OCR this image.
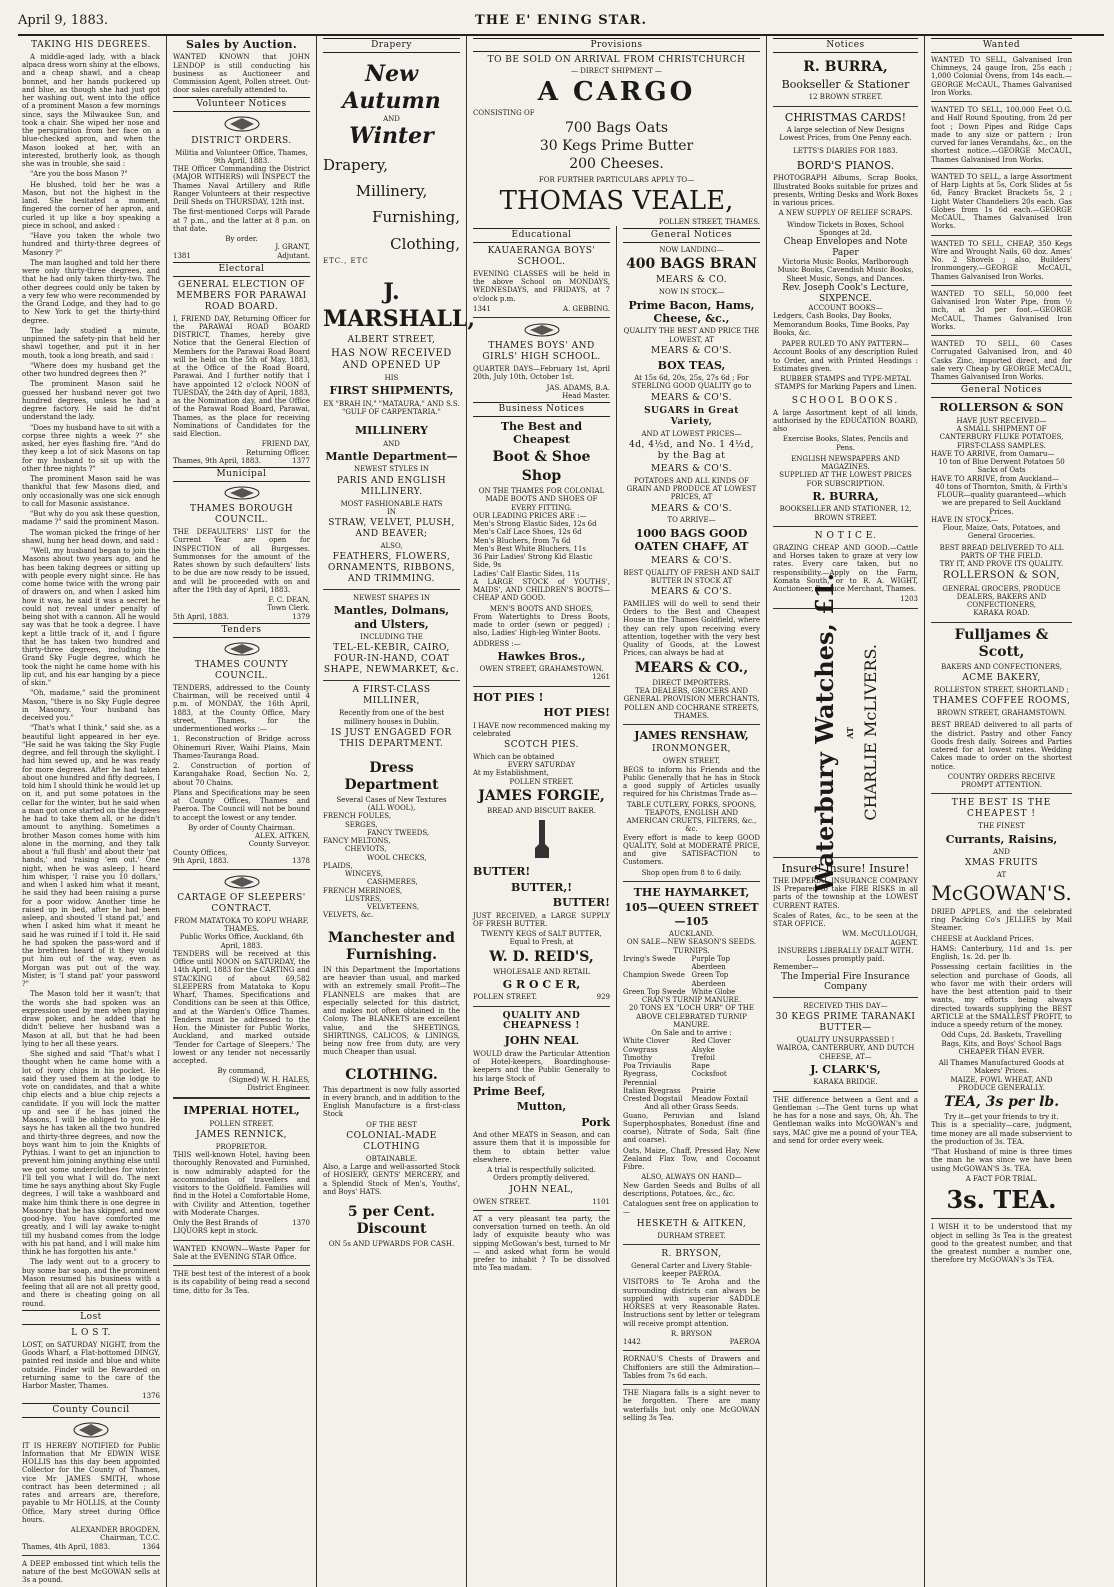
April 9, 1883.	THE E' ENING STAR.
TAKING HIS DEGREES.

A middle-aged lady, with a black alpaca dress worn shiny at the elbows, and a cheap shawl, and a cheap bonnet, and her hands puckered up and blue, as though she had just got her washing out, went into the office of a prominent Mason a few mornings since, says the Milwaukee Sun, and took a chair. She wiped her nose and the perspiration from her face on a blue-checked apron, and when the Mason looked at her, with an interested, brotherly look, as though she was in trouble, she said :

"Are you the boss Mason ?"

He blushed, told her he was a Mason, but not the highest in the land. She hesitated a moment, fingered the corner of her apron, and curled it up like a boy speaking a piece in school, and asked :

"Have you taken the whole two hundred and thirty-three degrees of Masonry ?"

The man laughed and told her there were only thirty-three degrees, and that he had only taken thirty-two. The other degrees could only be taken by a very few who were recommended by the Grand Lodge, and they had to go to New York to get the thirty-third degree.

The lady studied a minute, unpinned the safety-pin that held her shawl together, and put it in her mouth, took a long breath, and said :

"Where does my husband get the other two hundred degrees then ?"

The prominent Mason said he guessed her husband never got two hundred degrees, unless he had a degree factory. He said he did'nt understand the lady.

"Does my husband have to sit with a corpse three nights a week ?" she asked, her eyes flashing fire. "And do they keep a lot of sick Masons on tap for my husband to sit up with the other three nights ?"

The prominent Mason said he was thankful that few Masons died, and only occasionally was one sick enough to call for Masonic assistance.

"But why do you ask these question, madame ?" said the prominent Mason.

The woman picked the fringe of her shawl, hung her head down, and said :

"Well, my husband began to join the Masons about two years ago, and he has been taking degrees or sitting up with people every night since. He has come home twice with the wrong pair of drawers on, and when I asked him how it was, he said it was a secret he could not reveal under penalty of being shot with a cannon. All he would say was that he took a degree. I have kept a little track of it, and I figure that he has taken two hundred and thirty-three degrees, including the Grand Sky Fugle degree, which he took the night he came home with his lip cut, and his ear hanging by a piece of skin."

"Oh, madame," said the prominent Mason, "there is no Sky Fugle degree in Masonry. Your husband has deceived you."

"That's what I think," said she, as a beautiful light appeared in her eye. "He said he was taking the Sky Fugle degree, and fell through the skylight. I had him sewed up, and he was ready for more degrees. After he had taken about one hundred and fifty degrees, I told him I should think he would let up on it, and put some potatoes in the cellar for the winter, but he said when a man got once started on the degrees he had to take them all, or he didn't amount to anything. Sometimes a brother Mason comes home with him alone in the morning, and they talk about a 'full flush' and about their 'pat hands,' and 'raising 'em out.' One night, when he was asleep, I heard him whisper, 'I raise you 10 dollars,' and when I asked him what it meant, he said they had been raising a purse for a poor widow. Another time he raised up in bed, after he had been asleep, and shouted 'I stand pat,' and when I asked him what it meant he said he was ruined if I told it. He said he had spoken the pass-word and if the brethren heard of it they would put him out of the way, even as Morgan was put out of the way. Mister, is 'I stand pat' your password ?"

The Mason told her it wasn't; that the words she had spoken was an expression used by men when playing draw poker, and he added that he didn't believe her husband was a Mason at all, but that he had been lying to her all these years.

She sighed and said "That's what I thought when he came home with a lot of ivory chips in his pocket. He said they used them at the lodge to vote on candidates, and that a white chip elects and a blue chip rejects a candidate. If you will lock the matter up and see if he has joined the Masons, I will be obliged to you. He says he has taken all the two hundred and thirty-three degrees, and now the boys want him to join the Knights of Pythias. I want to get an injunction to prevent him joining anything else until we got some underclothes for winter. I'll tell you what I will do. The next time he says anything about Sky Fugle degrees, I will take a washboard and make him think there is one degree in Masonry that he has skipped, and now good-bye. You have comforted me greatly, and I will lay awake to-night till my husband comes from the lodge with his pat hand, and I will make him think he has forgotten his ante."

The lady went out to a grocery to buy some bar soap, and the prominent Mason resumed his business with a feeling that all are not all pretty good, and there is cheating going on all round.

Lost
L O S T.

LOST, on SATURDAY NIGHT, from the Goods Wharf, a Flat-bottomed DINGY, painted red inside and blue and white outside. Finder will be Rewarded on returning same to the care of the Harbor Master, Thames.

1376
County Council

IT IS HEREBY NOTIFIED for Public Information that Mr EDWIN WISE HOLLIS has this day been appointed Collector for the County of Thames, vice Mr JAMES SMITH, whose contract has been determined ; all rates and arrears are, therefore, payable to Mr HOLLIS, at the County Office, Mary street during Office hours.

ALEXANDER BROGDEN,
Chairman, T.C.C.
Thames, 4th April, 1883.	1364

A DEEP embossed tint which tells the nature of the best McGOWAN sells at 3s a pound.

Sales by Auction.

WANTED KNOWN that JOHN LENDOP is still conducting his business as Auctioneer and Commission Agent, Pollen street. Out-door sales carefully attended to.

Volunteer Notices
DISTRICT ORDERS.
Militia and Volunteer Office, Thames, 9th April, 1883.

THE Officer Commanding the District (MAJOR WITHERS) will INSPECT the Thames Naval Artillery and Rifle Ranger Volunteers at their respective Drill Sheds on THURSDAY, 12th inst.

The first-mentioned Corps will Parade at 7 p.m., and the latter at 8 p.m. on that date.

By order.
J. GRANT,
1381	Adjutant.
Electoral
GENERAL ELECTION OF MEMBERS FOR PARAWAI ROAD BOARD.

I, FRIEND DAY, Returning Officer for the PARAWAI ROAD BOARD DISTRICT, Thames, hereby give Notice that the General Election of Members for the Parawai Road Board will be held on the 5th of May, 1883, at the Office of the Road Board, Parawai. And I further notify that I have appointed 12 o'clock NOON of TUESDAY, the 24th day of April, 1883, as the Nomination day, and the Office of the Parawai Road Board, Parawai, Thames, as the place for receiving Nominations of Candidates for the said Election.

FRIEND DAY,
Returning Officer.
Thames, 9th April, 1883.	1377
Municipal
THAMES BOROUGH COUNCIL.

THE DEFAULTERS' LIST for the Current Year are open for INSPECTION of all Burgesses. Summonses for the amount of the Rates shown by such defaulters' lists to be due are now ready to be issued, and will be proceeded with on and after the 19th day of April, 1883.

F. C. DEAN,
Town Clerk.
5th April, 1883.	1379
Tenders
THAMES COUNTY COUNCIL.

TENDERS, addressed to the County Chairman, will be received until 4 p.m. of MONDAY, the 16th April, 1883, at the County Office, Mary street, Thames, for the undermentioned works :—

1. Reconstruction of Bridge across Ohinemuri River, Waihi Plains, Main Thames-Tauranga Road.

2. Construction of portion of Karangahake Road, Section No. 2, about 70 Chains.

Plans and Specifications may be seen at County Offices, Thames and Paeroa. The Council will not be bound to accept the lowest or any tender.

By order of County Chairman.
ALEX. AITKEN,
County Surveyor.
County Offices,
9th April, 1883.	1378
CARTAGE OF SLEEPERS' CONTRACT.
FROM MATATOKA TO KOPU WHARF, THAMES.
Public Works Office, Auckland, 6th April, 1883.

TENDERS will be received at this Office until NOON on SATURDAY, the 14th April, 1883 for the CARTING and STACKING of about 69,582 SLEEPERS from Matatoka to Kopu Wharf, Thames. Specifications and Conditions can be seen at this Office, and at the Warden's Office Thames. Tenders must be addressed to the Hon. the Minister for Public Works, Auckland, and marked outside 'Tender for Cartage of Sleepers.' The lowest or any tender not necessarily accepted.

By command,
(Signed) W. H. HALES,
District Engineer.
IMPERIAL HOTEL,
POLLEN STREET.
JAMES RENNICK,
PROPRIETOR.

THIS well-known Hotel, having been thoroughly Renovated and Furnished, is now admirably adapted for the accommodation of travellers and visitors to the Goldfield. Families will find in the Hotel a Comfortable Home, with Civility and Attention, together with Moderate Charges.

Only the Best Brands of LIQUORS kept in stock.
1370

WANTED KNOWN—Waste Paper for Sale at the EVENING STAR Office.

THE best test of the interest of a book is its capability of being read a second time, ditto for 3s Tea.

Drapery
New Autumn
AND
Winter
Drapery,
Millinery,
Furnishing,
Clothing,
ETC., ETC
J. MARSHALL,
ALBERT STREET,
HAS NOW RECEIVED AND OPENED UP
HIS
FIRST SHIPMENTS,
EX "BRAH IN," "MATAURA," AND S.S. "GULF OF CARPENTARIA."
MILLINERY
AND
Mantle Department—
NEWEST STYLES IN
PARIS AND ENGLISH MILLINERY.
MOST FASHIONABLE HATS
IN
STRAW, VELVET, PLUSH, AND BEAVER;
ALSO,
FEATHERS, FLOWERS, ORNAMENTS, RIBBONS, AND TRIMMING.
NEWEST SHAPES IN
Mantles, Dolmans, and Ulsters,
INCLUDING THE
TEL-EL-KEBIR, CAIRO, FOUR-IN-HAND, COAT SHAPE, NEWMARKET, &c.
A FIRST-CLASS MILLINER,
Recently from one of the best millinery houses in Dublin,
IS JUST ENGAGED FOR THIS DEPARTMENT.
Dress Department
Several Cases of New Textures
(ALL WOOL),
FRENCH FOULES,
SERGES,
FANCY TWEEDS,
FANCY MELTONS,
CHEVIOTS,
WOOL CHECKS,
PLAIDS,
WINCEYS,
CASHMERES,
FRENCH MERINOES,
LUSTRES,
VELVETEENS,
VELVETS, &c.
Manchester and Furnishing.

IN this Department the Importations are heavier than usual, and marked with an extremely small Profit—The FLANNELS are makes that are especially selected for this district, and makes not often obtained in the Colony. The BLANKETS are excellent value, and the SHEETINGS, SHIRTINGS, CALICOS, & LININGS, being now free from duty, are very much Cheaper than usual.

CLOTHING.

This department is now fully assorted in every branch, and in addition to the English Manufacture is a first-class Stock

OF THE BEST
COLONIAL-MADE CLOTHING
OBTAINABLE.

Also, a Large and well-assorted Stock of HOSIERY, GENTS' MERCERY, and a Splendid Stock of Men's, Youths', and Boys' HATS.

5 per Cent. Discount
ON 5s AND UPWARDS FOR CASH.
Provisions
TO BE SOLD ON ARRIVAL FROM CHRISTCHURCH
— DIRECT SHIPMENT —
A CARGO
CONSISTING OF
700 Bags Oats
30 Kegs Prime Butter
200 Cheeses.
FOR FURTHER PARTICULARS APPLY TO—
THOMAS VEALE,
POLLEN STREET, THAMES.
Educational
KAUAERANGA BOYS' SCHOOL.

EVENING CLASSES will be held in the above School on MONDAYS, WEDNESDAYS, and FRIDAYS, at 7 o'clock p.m.

1341	A. GEBBING.
THAMES BOYS' AND GIRLS' HIGH SCHOOL.

QUARTER DAYS—February 1st, April 20th, July 10th, October 1st.

JAS. ADAMS, B.A.
Head Master.
Business Notices
The Best and Cheapest
Boot & Shoe
Shop
ON THE THAMES FOR COLONIAL MADE BOOTS AND SHOES OF EVERY FITTING.
OUR LEADING PRICES ARE :—
Men's Strong Elastic Sides, 12s 6d
Men's Calf Lace Shoes, 12s 6d
Men's Bluchers, from 7s 6d
Men's Best White Bluchers, 11s
36 Pair Ladies' Strong Kid Elastic Side, 9s
Ladies' Calf Elastic Sides, 11s

A LARGE STOCK of YOUTHS', MAIDS', AND CHILDREN'S BOOTS—CHEAP AND GOOD.

MEN'S BOOTS AND SHOES,

From Watertights to Dress Boots, made to order (sewn or pegged) ; also, Ladies' High-leg Winter Boots.

ADDRESS :—
Hawkes Bros.,
OWEN STREET, GRAHAMSTOWN.
1261
HOT PIES !
HOT PIES!

I HAVE now recommenced making my celebrated

SCOTCH PIES.
Which can be obtained
EVERY SATURDAY
At my Establishment,
POLLEN STREET.
JAMES FORGIE,
BREAD AND BISCUIT BAKER.
BUTTER!
BUTTER,!
BUTTER!

JUST RECEIVED, a LARGE SUPPLY OF FRESH BUTTER.

TWENTY KEGS of SALT BUTTER, Equal to Fresh, at
W. D. REID'S,
WHOLESALE AND RETAIL
G R O C E R,
POLLEN STREET.	929
QUALITY AND CHEAPNESS !
JOHN NEAL

WOULD draw the Particular Attention of Hotel-keepers, Boardinghouse-keepers and the Public Generally to his large Stock of

Prime Beef,
Mutton,
Pork

And other MEATS in Season, and can assure them that it is impossible for them to obtain better value elsewhere.

A trial is respectfully solicited.
Orders promptly delivered.
JOHN NEAL,
OWEN STREET.	1101

AT a very pleasant tea party, the conversation turned on teeth. An old lady of exquisite beauty who was sipping McGowan's best, turned to Mr — and asked what form he would prefer to inhabit ? To be dissolved into Tea madam.

General Notices
NOW LANDING—
400 BAGS BRAN
MEARS & CO.
NOW IN STOCK—
Prime Bacon, Hams, Cheese, &c.,
QUALITY THE BEST AND PRICE THE LOWEST, AT
MEARS & CO'S.
BOX TEAS,
At 15s 6d, 20s, 25s, 27s 6d ; For STERLING GOOD QUALITY go to
MEARS & CO'S.
SUGARS in Great Variety,
AND AT LOWEST PRICES—
4d, 4½d, and No. 1 4½d, by the Bag at
MEARS & CO'S.
POTATOES AND ALL KINDS OF GRAIN AND PRODUCE AT LOWEST PRICES, AT
MEARS & CO'S.
TO ARRIVE—
1000 BAGS GOOD OATEN CHAFF, AT
MEARS & CO'S.
BEST QUALITY OF FRESH AND SALT BUTTER IN STOCK AT
MEARS & CO'S.

FAMILIES will do well to send their Orders to the Best and Cheapest House in the Thames Goldfield, where they can rely upon receiving every attention, together with the very best Quality of Goods, at the Lowest Prices, can always be had at

MEARS & CO.,
DIRECT IMPORTERS.
TEA DEALERS, GROCERS AND GENERAL PROVISION MERCHANTS, POLLEN AND COCHRANE STREETS, THAMES.
JAMES RENSHAW,
IRONMONGER,
OWEN STREET,

BEGS to inform his Friends and the Public Generally that he has in Stock a good supply of Articles usually required for his Christmas Trade as—

TABLE CUTLERY, FORKS, SPOONS, TEAPOTS, ENGLISH AND AMERICAN CRUETS, FILTERS, &c., &c.

Every effort is made to keep GOOD QUALITY, Sold at MODERATE PRICE, and give SATISFACTION to Customers.

Shop open from 8 to 6 daily.
THE HAYMARKET,
105—QUEEN STREET—105
AUCKLAND.
ON SALE—NEW SEASON'S SEEDS.
TURNIPS.
Irving's Swede	Purple Top Aberdeen
Champion Swede Green Top Aberdeen
Green Top Swede White Globe
CRAN'S TURNIP MANURE.
20 TONS EX "LOCH URR" OF THE ABOVE CELEBRATED TURNIP MANURE.
On Sale and to arrive :
White Clover	Red Clover
Cowgrass	Alsyke
Timothy	Trefoil
Poa Triviaulis	Rape
Ryegrass, Perennial
Cocksfoot
Italian Ryegrass	Prairie
Crested Dogstail	Meadow Foxtail
And all other Grass Seeds.

Guano, Peruvian and Island Superphosphates, Bonedust (fine and coarse), Nitrate of Soda, Salt (fine and coarse).

Oats, Maize, Chaff, Pressed Hay, New Zealand Flax Tow, and Cocoanut Fibre.

ALSO, ALWAYS ON HAND—

New Garden Seeds and Bulbs of all descriptions, Potatoes, &c., &c.

Catalogues sent free on application to—
HESKETH & AITKEN,
DURHAM STREET.
R. BRYSON,
General Carter and Livery Stable-keeper PAEROA.

VISITORS to Te Aroha and the surrounding districts can always be supplied with superior SADDLE HORSES at very Reasonable Rates. Instructions sent by letter or telegram will receive prompt attention.

R. BRYSON
1442	PAEROA

RORNAU'S Chests of Drawers and Chiffoniers are still the Admiration—Tables from 7s 6d each.

THE Niagara falls is a sight never to be forgotten. There are many waterfalls but only one McGOWAN selling 3s Tea.

Notices
R. BURRA,
Bookseller & Stationer
12 BROWN STREET.
CHRISTMAS CARDS!
A large selection of New Designs Lowest Prices, from One Penny each.
LETTS'S DIARIES FOR 1883.
BORD'S PIANOS.

PHOTOGRAPH Albums, Scrap Books, Illustrated Books suitable for prizes and presents, Writing Desks and Work Boxes in various prices.

A NEW SUPPLY OF RELIEF SCRAPS.
Window Tickets in Boxes, School Sponges at 2d.
Cheap Envelopes and Note Paper
Victoria Music Books, Marlborough Music Books, Cavendish Music Books, Sheet Music, Songs, and Dances.
Rev. Joseph Cook's Lecture, SIXPENCE.
ACCOUNT BOOKS—
Ledgers, Cash Books, Day Books, Memorandum Books, Time Books, Pay Books, &c.
PAPER RULED TO ANY PATTERN—

Account Books of any description Ruled to Order, and with Printed Headings : Estimates given.

RUBBER STAMPS and TYPE-METAL STAMPS for Marking Papers and Linen.
SCHOOL BOOKS.

A large Assortment kept of all kinds, authorised by the EDUCATION BOARD, also

Exercise Books, Slates, Pencils and Pens.
ENGLISH NEWSPAPERS AND MAGAZINES.
SUPPLIED AT THE LOWEST PRICES FOR SUBSCRIPTION.
R. BURRA,
BOOKSELLER AND STATIONER, 12, BROWN STREET.
N O T I C E.

GRAZING CHEAP AND GOOD.—Cattle and Horses taken to graze at very low rates. Every care taken, but no responsibility.—Apply on the Farm, Komata South, or to R. A. WIGHT, Auctioneer, Produce Merchant, Thames.

1203
Waterbury Watches, £1. AT CHARLIE McLIVERS.
Insure! Insure! Insure!
THE IMPERIAL INSURANCE COMPANY

IS Prepared to take FIRE RISKS in all parts of the township at the LOWEST CURRENT RATES.

Scales of Rates, &c., to be seen at the STAR OFFICE.

WM. McCULLOUGH,
AGENT.
INSURERS LIBERALLY DEALT WITH. Losses promptly paid.
Remember—
The Imperial Fire Insurance Company
RECEIVED THIS DAY—
30 KEGS PRIME TARANAKI BUTTER—
QUALITY UNSURPASSED !
WAIROA, CANTERBURY, AND DUTCH CHEESE, AT—
J. CLARK'S,
KARAKA BRIDGE.

THE difference between a Gent and a Gentleman :—The Gent turns up what he has for a nose and says, Oh, Ah. The Gentleman walks into McGOWAN's and says, MAC give me a pound of your TEA, and send for order every week.

Wanted

WANTED TO SELL, Galvanised Iron Chimneys, 24 gauge Iron, 25s each ; 1,000 Colonial Ovens, from 14s each.—GEORGE McCAUL, Thames Galvanised Iron Works.

WANTED TO SELL, 100,000 Feet O.G. and Half Round Spouting, from 2d per foot ; Down Pipes and Ridge Caps made to any size or pattern ; Iron curved for lanes Verandahs, &c., on the shortest notice.—GEORGE McCAUL, Thames Galvanised Iron Works.

WANTED TO SELL, a large Assortment of Harp Lights at 5s, Cork Slides at 5s 6d, Fancy Bracket Brackets 5s, 2 ; Light Water Chandeliers 20s each. Gas Globes from 1s 6d each.—GEORGE McCAUL, Thames Galvanised Iron Works.

WANTED TO SELL, CHEAP, 350 Kegs Wire and Wrought Nails, 60 doz. Ames' No. 2 Shovels ; also, Builders' Ironmongery.—GEORGE McCAUL, Thames Galvanised Iron Works.

WANTED TO SELL, 50,000 feet Galvanised Iron Water Pipe, from ½ inch, at 3d per foot.—GEORGE McCAUL, Thames Galvanised Iron Works.

WANTED TO SELL, 60 Cases Corrugated Galvanised Iron, and 40 Casks Zinc, imported direct, and for sale very Cheap by GEORGE McCAUL, Thames Galvanised Iron Works.

General Notices
ROLLERSON & SON
HAVE JUST RECEIVED—
A SMALL SHIPMENT OF CANTERBURY FLUKE POTATOES, FIRST-CLASS SAMPLES.
HAVE TO ARRIVE, from Oamaru—
10 ton of Blue Derwent Potatoes 50 Sacks of Oats
HAVE TO ARRIVE, from Auckland—
40 tons of Thornton, Smith, & Firth's FLOUR—quality guaranteed—which we are prepared to Sell Auckland Prices.
HAVE IN STOCK—
Flour, Maize, Oats, Potatoes, and General Groceries.
BEST BREAD DELIVERED TO ALL PARTS OF THE FIELD.
TRY IT, AND PROVE ITS QUALITY.
ROLLERSON & SON,
GENERAL GROCERS, PRODUCE DEALERS, BAKERS AND CONFECTIONERS,
KARAKA ROAD.
Fulljames & Scott,
BAKERS AND CONFECTIONERS,
ACME BAKERY,
ROLLESTON STREET, SHORTLAND ;
THAMES COFFEE ROOMS,
BROWN STREET, GRAHAMSTOWN.

BEST BREAD delivered to all parts of the district. Pastry and other Fancy Goods fresh daily. Soirees and Parties catered for at lowest rates. Wedding Cakes made to order on the shortest notice.

COUNTRY ORDERS RECEIVE PROMPT ATTENTION.
THE BEST IS THE CHEAPEST !
THE FINEST
Currants, Raisins,
AND
XMAS FRUITS
AT
McGOWAN'S.

DRIED APPLES, and the celebrated ring Packing Co's JELLIES by Mail Steamer.

CHEESE at Auckland Prices.

HAMS: Canterbury, 11d and 1s. per English, 1s. 2d. per lb.

Possessing certain facilities in the selection and purchase of Goods, all who favor me with their orders will have the best attention paid to their wants, my efforts being always directed towards supplying the BEST ARTICLE at the SMALLEST PROFIT, to induce a speedy return of the money.

Odd Cups, 2d. Baskets, Travelling Bags, Kits, and Boys' School Bags CHEAPER THAN EVER.
All Thames Manufactured Goods at Makers' Prices.
MAIZE, FOWL WHEAT, AND PRODUCE GENERALLY.
TEA, 3s per lb.
Try it—get your friends to try it.

This is a speciality—care, judgment, time money are all made subservient to the production of 3s. TEA.

"That Husband of mine is three times the man he was since we have been using McGOWAN'S 3s. TEA.

A FACT FOR TRIAL.
3s. TEA.

I WISH it to be understood that my object in selling 3s Tea is the greatest good to the greatest number, and that the greatest number a number one, therefore try McGOWAN's 3s TEA.
